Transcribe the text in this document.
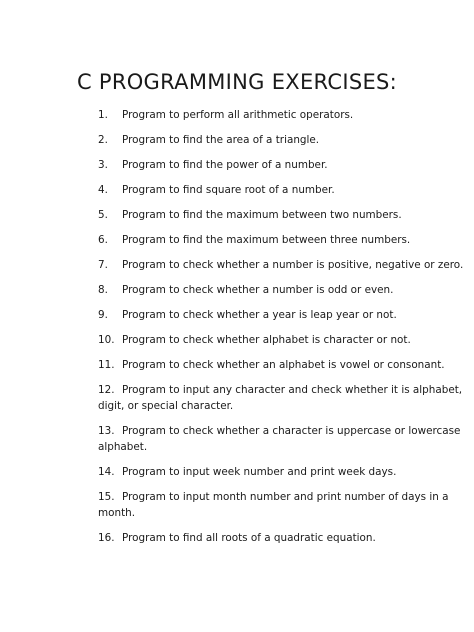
C PROGRAMMING EXERCISES:
1. Program to perform all arithmetic operators.
2. Program to find the area of a triangle.
3. Program to find the power of a number.
4. Program to find square root of a number.
5. Program to find the maximum between two numbers.
6. Program to find the maximum between three numbers.
7. Program to check whether a number is positive, negative or zero.
8. Program to check whether a number is odd or even.
9. Program to check whether a year is leap year or not.
10. Program to check whether alphabet is character or not.
11. Program to check whether an alphabet is vowel or consonant.
12. Program to input any character and check whether it is alphabet,
digit, or special character.
13. Program to check whether a character is uppercase or lowercase
alphabet.
14. Program to input week number and print week days.
15. Program to input month number and print number of days in a
month.
16. Program to find all roots of a quadratic equation.
